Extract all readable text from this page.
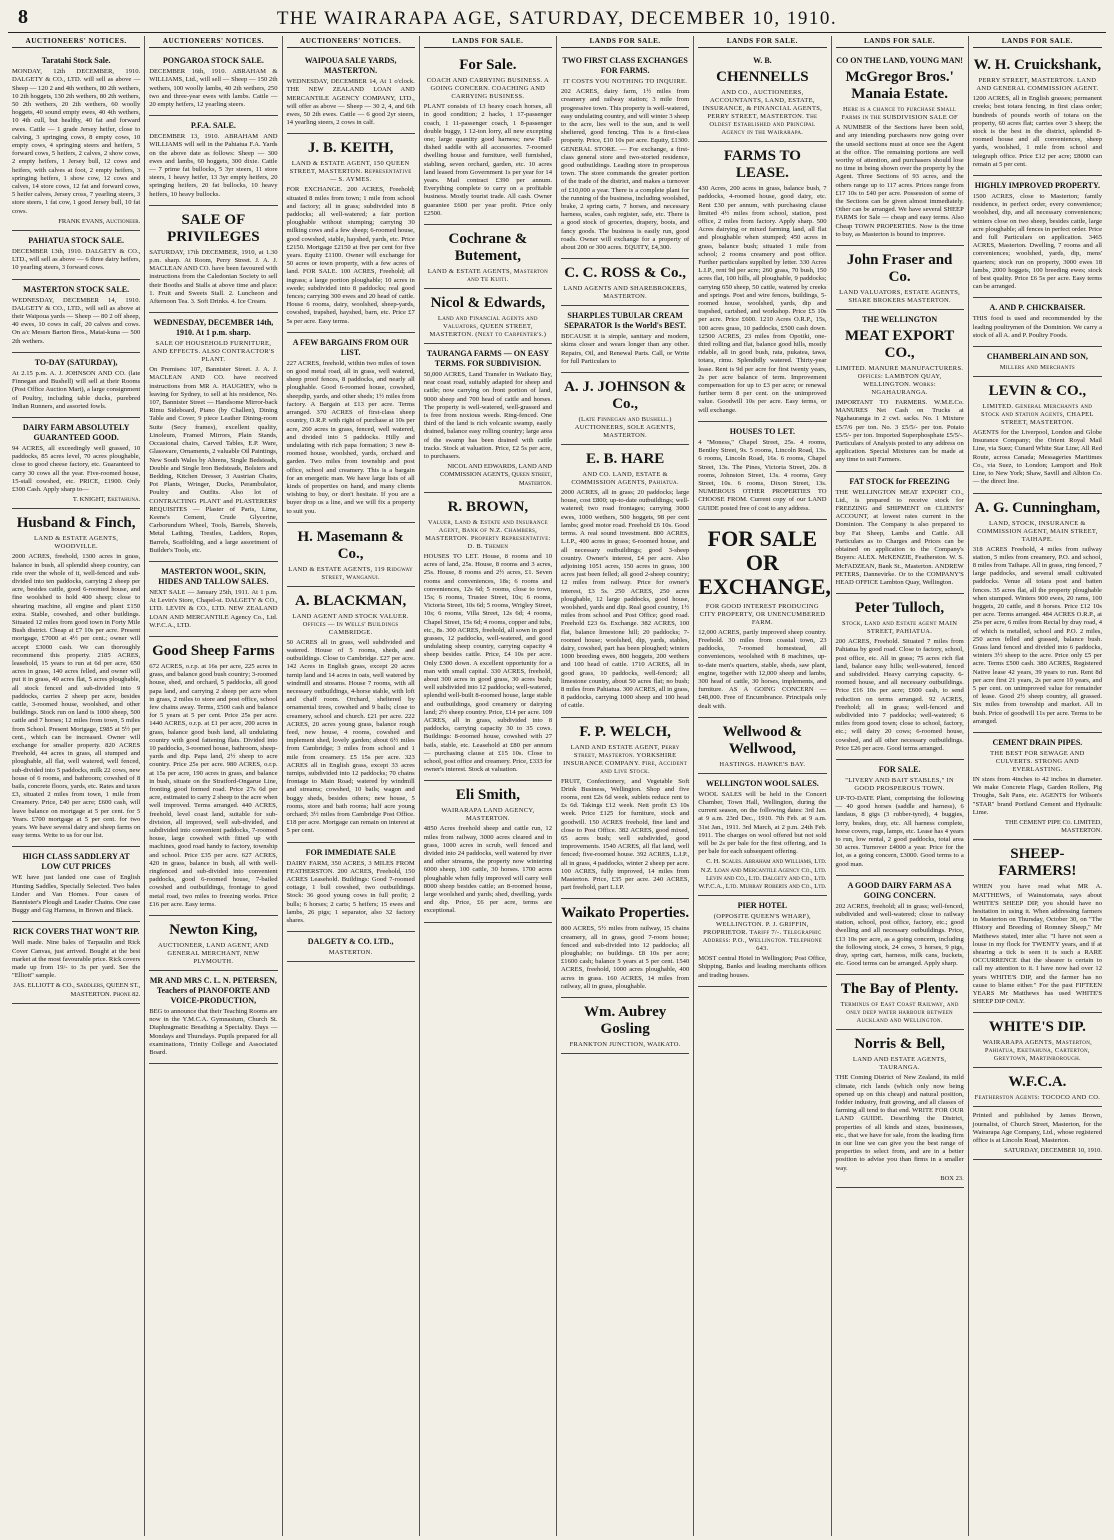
8	THE WAIRARAPA AGE, SATURDAY, DECEMBER 10, 1910.
AUCTIONEERS' NOTICES.
Taratahi Stock Sale.
MONDAY, 12th DECEMBER, 1910. DALGETY & CO., LTD. will sell as above — Sheep — 120 2 and 4th wethers, 80 2th wethers, 10 2th hoggets, 130 2th wethers, 80 2th wethers, 50 2th wethers, 20 2th wethers, 60 woolly hoggets, 40 sound empty ewes, 40 4th wethers, 10 4th cull, but healthy, 40 fat and forward ewes. Cattle — 1 grade Jersey heifer, close to calving, 3 springing cows, 8 empty cows, 10 empty cows, 4 springing steers and heifers, 5 forward cows, 5 heifers, 2 calves, 2 show cows, 2 empty heifers, 1 Jersey bull, 12 cows and heifers, with calves at foot, 2 empty heifers, 3 springing heifers, 1 show cow, 12 cows and calves, 14 store cows, 12 fat and forward cows, 5 heifer calves, Jersey cross, 7 yearling steers, 3 store steers, 1 fat cow, 1 good Jersey bull, 10 fat cows.
FRANK EVANS, Auctioneer.
PAHIATUA STOCK SALE.
DECEMBER 13th, 1910. DALGETY & CO., LTD., will sell as above — 6 three dairy heifers, 10 yearling steers, 3 forward cows.
MASTERTON STOCK SALE.
WEDNESDAY, DECEMBER 14, 1910. DALGETY & CO., LTD., will sell as above at their Waipoua yards — Sheep — 80 2 off sheep, 40 ewes, 10 cows in calf, 20 calves and cows. On a/c Messrs Barton Bros., Matai-kuna — 500 2th wethers.
TO-DAY (SATURDAY),
At 2.15 p.m. A. J. JOHNSON AND CO. (late Finnegan and Bushell) will sell at their Rooms (Post Office Auction Mart), a large consignment of Poultry, including table ducks, purebred Indian Runners, and assorted fowls.
DAIRY FARM ABSOLUTELY GUARANTEED GOOD.
94 ACRES, all exceedingly well grassed, 10 paddocks, 85 acres level, 70 acres ploughable, close to good cheese factory, etc. Guaranteed to carry 30 cows all the year. Five-roomed house, 15-stall cowshed, etc. PRICE, £1900. Only £300 Cash. Apply sharp to—
T. KNIGHT, Eketahuna.
Husband & Finch,
LAND & ESTATE AGENTS, WOODVILLE.
2000 ACRES, freehold, 1300 acres in grass, balance in bush, all splendid sheep country, can ride over the whole of it, well-fenced and sub-divided into ten paddocks, carrying 2 sheep per acre, besides cattle, good 6-roomed house, and fine woolshed to hold 400 sheep; close to shearing machine, all engine and plant £150 extra. Stable, cowshed, and other buildings. Situated 12 miles from good town in Forty Mile Bush district. Cheap at £7 10s per acre. Present mortgage, £7000 at 4½ per cent.; owner will accept £3000 cash. We can thoroughly recommend this property. 2185 ACRES, leasehold, 15 years to run at 6d per acre, 650 acres in grass, 140 acres felled, and owner will put it in grass, 40 acres flat, 5 acres ploughable, all stock fenced and sub-divided into 9 paddocks, carries 2 sheep per acre, besides cattle, 3-roomed house, woolshed, and other buildings. Stock run on land is 1000 sheep, 500 cattle and 7 horses; 12 miles from town, 5 miles from School. Present Mortgage, £985 at 5½ per cent., which can be increased. Owner will exchange for smaller property. 820 ACRES Freehold, 44 acres in grass, all stumped and ploughable, all flat, well watered, well fenced, sub-divided into 5 paddocks, milk 22 cows, new house of 6 rooms, and bathroom; cowshed of 8 bails, concrete floors, yards, etc. Rates and taxes £3, situated 2 miles from town, 1 mile from Creamery. Price, £40 per acre; £600 cash, will leave balance on mortgage at 5 per cent. for 5 Years. £700 mortgage at 5 per cent. for two years. We have several dairy and sheep farms on easy terms. Write to us for our list.
HIGH CLASS SADDLERY AT LOW CUT PRICES
WE have just landed one case of English Hunting Saddles, Specially Selected. Two bales Linder and Van Homes. Four cases of Bannister's Plough and Leader Chains. One case Buggy and Gig Harness, in Brown and Black.
RICK COVERS THAT WON'T RIP.
Well made. Nine bales of Tarpaulin and Rick Cover Canvas, just arrived. Bought at the best market at the most favourable price. Rick covers made up from 19/- to 3s per yard. See the "Elliott" sample.
JAS. ELLIOTT & CO., Saddlers, QUEEN ST., MASTERTON. Phone 82.
AUCTIONEERS' NOTICES.
PONGAROA STOCK SALE.
DECEMBER 16th, 1910. ABRAHAM & WILLIAMS, Ltd., will sell — Sheep — 150 2th wethers, 100 woolly lambs, 40 2th wethers, 250 two and three-year ewes with lambs. Cattle — 20 empty heifers, 12 yearling steers.
P.F.A. SALE.
DECEMBER 13, 1910. ABRAHAM AND WILLIAMS will sell in the Pahiatua F.A. Yards on the above date as follows: Sheep — 300 ewes and lambs, 60 hoggets, 300 dixie. Cattle — 7 prime fat bullocks, 5 3yr steers, 11 store steers, 1 heavy heifer, 13 3yr empty heifers, 20 springing heifers, 20 fat bullocks, 10 heavy heifers, 10 heavy bullocks.
SALE OF PRIVILEGES
SATURDAY, 17th DECEMBER, 1910, at 1.30 p.m. sharp. At Room, Perry Street. J. A. J. MACLEAN AND CO. have been favoured with instructions from the Caledonian Society to sell their Booths and Stalls at above time and place: 1. Fruit and Sweets Stall. 2. Luncheon and Afternoon Tea. 3. Soft Drinks. 4. Ice Cream.
WEDNESDAY, DECEMBER 14th, 1910. At 1 p.m. sharp.
SALE OF HOUSEHOLD FURNITURE, AND EFFECTS. ALSO CONTRACTOR'S PLANT.
On Premises: 107, Bannister Street. J. A. J. MACLEAN AND CO. have received instructions from MR A. HAUGHEY, who is leaving for Sydney, to sell at his residence, No. 107, Bannister Street — Handsome Mirror-back Rimu Sideboard, Piano (by Challen), Dining Table and Cover, 9 piece Leather Dining-room Suite (Secy frames), excellent quality, Linoleum, Framed Mirrors, Plain Stands, Occasional chairs, Carved Tables, E.P. Ware, Glassware, Ornaments, 2 valuable Oil Paintings, New South Wales by Ahrens, Single Bedsteads, Double and Single Iron Bedsteads, Bolsters and Bedding, Kitchen Dresser, 3 Austrian Chairs, Pot Plants, Wringer, Ducks, Perambulator, Poultry and Outfits. Also lot of CONTRACTING PLANT and PLASTERERS' REQUISITES — Plaster of Paris, Lime, Keene's Cement, Crude Glycerine, Carborundum Wheel, Tools, Barrels, Shovels, Metal Lathing, Trestles, Ladders, Ropes, Barrels, Scaffolding, and a large assortment of Builder's Tools, etc.
MASTERTON WOOL, SKIN, HIDES AND TALLOW SALES.
NEXT SALE — January 25th, 1911. At 1 p.m. At Levin's Store, Chapel-st. DALGETY & CO., LTD. LEVIN & CO., LTD. NEW ZEALAND LOAN AND MERCANTILE Agency Co., Ltd. W.F.C.A., LTD.
Good Sheep Farms
672 ACRES, o.r.p. at 16s per acre, 225 acres in grass, and balance good bush country; 3-roomed house, shed, and orchard, 5 paddocks, all good papa land, and carrying 2 sheep per acre when in grass, 2 miles to store and post office, school few chains away. Terms, £500 cash and balance for 5 years at 5 per cent. Price 25s per acre. 1440 ACRES, o.r.p. at £1 per acre, 200 acres in grass, balance good bush land, all undulating country with good fattening flats. Divided into 10 paddocks, 3-roomed house, bathroom, sheep-yards and dip. Papa land, 2½ sheep to acre country. Price 25s per acre. 980 ACRES, o.r.p. at 15s per acre, 190 acres in grass, and balance in bush, situate on the Stratford-Ongarue Line, fronting good formed road. Price 27s 6d per acre, estimated to carry 2 sheep to the acre when well improved. Terms arranged. 440 ACRES, freehold, level coast land, suitable for sub-division, all improved, well sub-divided, and subdivided into convenient paddocks, 7-roomed house, large cowshed with fitted up with machines, good road handy to factory, township and school. Price £35 per acre. 627 ACRES, 420 in grass, balance in bush, all with well-ringfenced and sub-divided into convenient paddocks, good 6-roomed house, 7-bailed cowshed and outbuildings, frontage to good metal road, two miles to freezing works. Price £16 per acre. Easy terms.
Newton King,
AUCTIONEER, LAND AGENT, AND GENERAL MERCHANT, NEW PLYMOUTH.
MR AND MRS C. L. N. PETERSEN, Teachers of PIANOFORTE AND VOICE-PRODUCTION,
BEG to announce that their Teaching Rooms are now in the Y.M.C.A. Gymnasium, Church St. Diaphragmatic Breathing a Speciality. Days — Mondays and Thursdays. Pupils prepared for all examinations, Trinity College and Associated Board.
AUCTIONEERS' NOTICES.
WAIPOUA SALE YARDS, MASTERTON.
WEDNESDAY, DECEMBER 14, At 1 o'clock. THE NEW ZEALAND LOAN AND MERCANTILE AGENCY COMPANY, LTD., will offer as above — Sheep — 30 2, 4, and 6th ewes, 50 2th ewes. Cattle — 6 good 2yr steers, 14 yearling steers, 2 cows in calf.
J. B. KEITH,
LAND & ESTATE AGENT, 150 QUEEN STREET, MASTERTON. Representative — S. AYMES.
FOR EXCHANGE. 200 ACRES, Freehold; situated 8 miles from town; 1 mile from school and factory; all in grass; subdivided into 8 paddocks; all well-watered; a fair portion ploughable without stumping; carrying 30 milking cows and a few sheep; 6-roomed house, good cowshed, stable, hayshed, yards, etc. Price £2150. Mortgage £2150 at five per cent for five years. Equity £1100. Owner will exchange for 50 acres or town property, with a few acres of land. FOR SALE. 100 ACRES, Freehold; all ingrass; a large portion ploughable; 10 acres in swede; subdivided into 8 paddocks; real good fences; carrying 300 ewes and 20 head of cattle. House 6 rooms, dairy, woolshed, sheep-yards, cowshed, trapshed, hayshed, barn, etc. Price £7 5s per acre. Easy terms.
A FEW BARGAINS FROM OUR LIST.
227 ACRES, freehold, within two miles of town on good metal road, all in grass, well watered, sheep proof fences, 8 paddocks, and nearly all ploughable. Good 6-roomed house, cowshed, sheepdip, yards, and other sheds; 1½ miles from factory. A Bargain at £13 per acre. Terms arranged. 370 ACRES of first-class sheep country, O.R.P. with right of purchase at 10s per acre, 260 acres in grass, fenced, well watered, and divided into 5 paddocks. Hilly and undulating with rich papa formation; 3 new 8-roomed house, woolshed, yards, orchard and garden. Two miles from township and post office, school and creamery. This is a bargain for an energetic man. We have large lists of all kinds of properties on hand, and many clients wishing to buy, or don't hesitate. If you are a buyer drop us a line, and we will fix a property to suit you.
H. Masemann & Co.,
LAND & ESTATE AGENTS, 119 Ridgway Street, Wanganui.
A. BLACKMAN,
LAND AGENT AND STOCK VALUER. Offices — In Wells' Buildings CAMBRIDGE.
50 ACRES all in grass, well subdivided and watered. House of 5 rooms, sheds, and outbuildings. Close to Cambridge. £27 per acre. 142 Acres in English grass, except 20 acres turnip land and 14 acres in oats, well watered by windmill and streams. House 7 rooms, with all necessary outbuildings, 4-horse stable, with loft and chaff room. Orchard, sheltered by ornamental trees, cowshed and 9 bails; close to creamery, school and church. £21 per acre. 222 ACRES, 20 acres young grass, balance rough feed, new house, 4 rooms, cowshed and implement shed, lovely garden; about 6½ miles from Cambridge; 3 miles from school and 1 mile from creamery. £5 15s per acre. 323 ACRES all in English grass, except 33 acres turnips, subdivided into 12 paddocks; 70 chains frontage to Main Road; watered by windmill and streams; cowshed, 10 bails; wagon and buggy sheds, besides others; new house, 5 rooms, store and bath rooms; half acre young orchard; 3½ miles from Cambridge Post Office. £18 per acre. Mortgage can remain on interest at 5 per cent.
FOR IMMEDIATE SALE
DAIRY FARM, 350 ACRES, 3 MILES FROM FEATHERSTON. 200 ACRES, Freehold, 150 ACRES Leasehold. Buildings: Good 7-roomed cottage, 1 bull cowshed, two outbuildings. Stock: 36 good young cows in full profit; 2 bulls; 6 horses; 2 carts; 5 heifers; 15 ewes and lambs, 26 pigs; 1 separator, also 32 factory shares.
DALGETY & CO. LTD.,
MASTERTON.
LANDS FOR SALE.
For Sale.
COACH AND CARRYING BUSINESS. A GOING CONCERN. COACHING AND CARRYING BUSINESS.
PLANT consists of 13 heavy coach horses, all in good condition; 2 hacks, 1 17-passenger coach, 1 11-passenger coach, 1 8-passenger double buggy, 1 12-ton lorry, all new excepting one; large quantity good harness; new Hall-dished saddle with all accessories. 7-roomed dwelling house and furniture, well furnished, stabling, seven orchard, garden, etc. 10 acres land leased from Government 1s per year for 14 years. Mail contract £390 per annum. Everything complete to carry on a profitable business. Mostly tourist trade. All cash. Owner guarantee £600 per year profit. Price only £2500.
Cochrane & Butement,
LAND & ESTATE AGENTS, Masterton and Te Kuiti.
Nicol & Edwards,
Land and Financial Agents and Valuators, QUEEN STREET, MASTERTON. (Next to Carpenter's.)
TAURANGA FARMS — ON EASY TERMS. FOR SUBDIVISION.
50,000 ACRES, Land Transfer in Waikato Bay, near coast road, suitably adapted for sheep and cattle; now carrying on front portion of land, 9000 sheep and 700 head of cattle and horses. The property is well-watered, well-grassed and is free from noxious weeds. Ring-fenced. One third of the land is rich volcanic swamp, easily drained, balance easy rolling country; large area of the swamp has been drained with cattle tracks. Stock at valuation. Price, £2 5s per acre, to purchasers.
NICOL AND EDWARDS, LAND AND COMMISSION AGENTS, Queen Street, Masterton.
R. BROWN,
Valuer, Land & Estate and Insurance Agent, Bank of N.Z. Chambers, MASTERTON. Property Representative: D. B. Themen
HOUSES TO LET. House, 8 rooms and 10 acres of land, 25s. House, 8 rooms and 3 acres, 25s. House, 8 rooms and 2½ acres, £1. Seven rooms and conveniences, 18s; 6 rooms and conveniences, 12s 6d; 5 rooms, close to town, 15s; 6 rooms, Trustee Street, 10s; 6 rooms, Victoria Street, 10s 6d; 5 rooms, Wrigley Street, 10s; 6 rooms, Villa Street, 12s 6d; 4 rooms, Chapel Street, 15s 6d; 4 rooms, copper and tubs, etc., 8s. 300 ACRES, freehold, all sown in good grasses, 12 paddocks, well-watered, and good undulating sheep country, carrying capacity 4 sheep besides cattle. Price, £4 10s per acre. Only £300 down. A excellent opportunity for a man with small capital. 330 ACRES, freehold, about 300 acres in good grass, 30 acres bush; well subdivided into 12 paddocks; well-watered, splendid well-built 8-roomed house, large stable and outbuildings, good creamery or dairying land; 2½ sheep country. Price, £14 per acre. 109 ACRES, all in grass, subdivided into 8 paddocks, carrying capacity 30 to 35 cows. Buildings: 8-roomed house, cowshed with 27 bails, stable, etc. Leasehold at £80 per annum — purchasing clause at £15 10s. Close to school, post office and creamery. Price, £333 for owner's interest. Stock at valuation.
Eli Smith,
WAIRARAPA LAND AGENCY, MASTERTON.
4850 Acres freehold sheep and cattle run, 12 miles from railway, 3000 acres cleared and in grass, 1000 acres in scrub, well fenced and divided into 24 paddocks, well watered by river and other streams, the property now wintering 6000 sheep, 100 cattle, 30 horses. 1700 acres ploughable when fully improved will carry well 8000 sheep besides cattle; an 8-roomed house, large woolshed and yards; shed, dwelling, yards and dip. Price, £6 per acre, terms are exceptional.
LANDS FOR SALE.
TWO FIRST CLASS EXCHANGES FOR FARMS.
IT COSTS YOU NOTHING TO INQUIRE.
202 ACRES, dairy farm, 1½ miles from creamery and railway station; 3 mile from progressive town. This property is well-watered, easy undulating country, and will winter 3 sheep to the acre, lies well to the sun, and is well sheltered, good fencing. This is a first-class property. Price, £10 10s per acre. Equity, £1300. GENERAL STORE. — For exchange, a first-class general store and two-storied residence, good outbuildings. Leading store in prosperous town. The store commands the greater portion of the trade of the district, and makes a turnover of £10,000 a year. There is a complete plant for the running of the business, including woolshed, brake, 2 spring carts, 7 horses, and necessary harness, scales, cash register, safe, etc. There is a good stock of groceries, drapery, boots, and fancy goods. The business is easily run, good roads. Owner will exchange for a property of about 200 or 300 acres. EQUITY, £4,300.
C. C. ROSS & Co.,
LAND AGENTS AND SHAREBROKERS, MASTERTON.
SHARPLES TUBULAR CREAM SEPARATOR Is the World's BEST.
BECAUSE it is simple, sanitary and modern, skims closer and wears longer than any other. Repairs, Oil, and Renewal Parts. Call, or Write for full Particulars to
A. J. JOHNSON & Co.,
(Late Finnegan and Bushell.) AUCTIONEERS, SOLE AGENTS, MASTERTON.
E. B. HARE
AND CO. LAND, ESTATE & COMMISSION AGENTS, Pahiatua.
2000 ACRES, all in grass; 20 paddocks; large house, cost £800; up-to-date outbuildings; well-watered; two road frontages; carrying 3000 ewes, 1000 wethers, 500 hoggets, 98 per cent lambs; good motor road. Freehold £6 10s. Good terms. A real sound investment. 800 ACRES, L.I.P., 400 acres in grass; 6-roomed house, and all necessary outbuildings; good 3-sheep country. Owner's interest, £4 per acre. Also adjoining 1051 acres, 150 acres in grass, 100 acres just been felled; all good 2-sheep country; 12 miles from railway. Price for owner's interest, £3 5s. 250 ACRES, 250 acres ploughable, 12 large paddocks, good house, woolshed, yards and dip. Real good country, 1½ miles from school and Post Office; good road. Freehold £23 6s. Exchange. 382 ACRES, 100 flat, balance limestone hill; 20 paddocks; 7-roomed house; woolshed, dip, yards, stables, dairy, cowshed, part has been ploughed; winters 1000 breeding ewes, 800 hoggets, 200 wethers and 100 head of cattle. 1710 ACRES, all in good grass, 10 paddocks, well-fenced; all limestone country, about 50 acres flat; no bush; 8 miles from Pahiatua. 300 ACRES, all in grass, 8 paddocks, carrying 1000 sheep and 100 head of cattle.
F. P. WELCH,
LAND AND ESTATE AGENT, Perry Street, Masterton. YORKSHIRE INSURANCE COMPANY. Fire, Accident and Live Stock.
FRUIT, Confectionery, and Vegetable Soft Drink Business, Wellington. Shop and five rooms, rent £2s 6d week, sublets reduce rent to £s 6d. Takings £12 week. Nett profit £3 10s week. Price £125 for furniture, stock and goodwill. 150 ACRES freehold, fine land and close to Post Office. 382 ACRES, good mixed, 65 acres bush; well subdivided, good improvements. 1540 ACRES, all flat land, well fenced; five-roomed house. 392 ACRES, L.I.P., all in grass, 4 paddocks, winter 2 sheep per acre. 100 ACRES, fully improved, 14 miles from Masterton. Price, £35 per acre. 240 ACRES, part freehold, part L.I.P.
Waikato Properties.
800 ACRES, 5½ miles from railway, 15 chains creamery, all in grass, good 7-room house; fenced and sub-divided into 12 paddocks; all ploughable; no buildings. £8 10s per acre; £1600 cash; balance 5 years at 5 per cent. 1540 ACRES, freehold, 1000 acres ploughable, 400 acres in grass. 160 ACRES, 14 miles from railway, all in grass, ploughable.
Wm. Aubrey Gosling
FRANKTON JUNCTION, WAIKATO.
LANDS FOR SALE.
W. B.
CHENNELLS
AND CO., AUCTIONEERS, ACCOUNTANTS, LAND, ESTATE, INSURANCE, & FINANCIAL AGENTS, PERRY STREET, MASTERTON. The Oldest Established and Principal Agency in the Wairarapa.
FARMS TO LEASE.
430 Acres, 200 acres in grass, balance bush, 7 paddocks, 4-roomed house, good dairy, etc. Rent £30 per annum, with purchasing clause limited 4½ miles from school, station, post office, 2 miles from factory. Apply sharp. 500 Acres dairying or mixed farming land, all flat and ploughable when stumped; 450 acres in grass, balance bush; situated 1 mile from school; 2 rooms creamery and post office. Further particulars supplied by letter. 330 Acres L.I.P., rent 9d per acre; 260 grass, 70 bush, 150 acres flat, 100 hills, all ploughable, 9 paddocks; carrying 650 sheep, 50 cattle, watered by creeks and springs. Post and wire fences, buildings, 5-roomed house, woolshed, yards, dip and trapshed, cartshed, and workshop. Price £5 10s per acre. Price £600. 1210 Acres O.R.P., 15s, 100 acres grass, 10 paddocks, £500 cash down. 12500 ACRES, 23 miles from Opotiki, one-third rolling and flat, balance good hills, mostly ridable, all in good bush, rata, pukatea, tawa, totara, rimu. Splendidly watered. Thirty-year lease. Rent is 9d per acre for first twenty years, 2s per acre balance of term. Improvement compensation for up to £3 per acre; or renewal further term 8 per cent. on the unimproved value. Goodwill 10s per acre. Easy terms, or will exchange.
HOUSES TO LET.
4 "Moness," Chapel Street, 25s. 4 rooms, Bentley Street, 9s. 5 rooms, Lincoln Road, 13s. 6 rooms, Lincoln Road, 16s. 6 rooms, Chapel Street, 13s. The Pines, Victoria Street, 20s. 8 rooms, Johnston Street, 13s. 4 rooms, Grey Street, 10s. 6 rooms, Dixon Street, 13s. NUMEROUS OTHER PROPERTIES TO CHOOSE FROM. Current copy of our LAND GUIDE posted free of cost to any address.
FOR SALE OR EXCHANGE,
FOR GOOD INTEREST PRODUCING CITY PROPERTY, OR UNENCUMBERED FARM.
12,000 ACRES, partly improved sheep country. Freehold. 30 miles from coastal town, 23 paddocks, 7-roomed homestead, all conveniences, woolshed with 8 machines, up-to-date men's quarters, stable, sheds, saw plant, engine, together with 12,000 sheep and lambs, 300 head of cattle, 30 horses, implements, and furniture. AS A GOING CONCERN — £48,000. Free of Encumbrance. Principals only dealt with.
Wellwood & Wellwood,
HASTINGS. HAWKE'S BAY.
WELLINGTON WOOL SALES.
WOOL SALES will be held in the Concert Chamber, Town Hall, Wellington, during the current season, on the following dates: 3rd Jan. at 9 a.m. 23rd Dec., 1910. 7th Feb. at 9 a.m. 31st Jan., 1911. 3rd March, at 2 p.m. 24th Feb. 1911. The charges on wool offered but not sold will be 2s per bale for the first offering, and 1s per bale for each subsequent offering.
C. H. Scales. Abraham and Williams, Ltd. N.Z. Loan and Mercantile Agency Co., Ltd. Levin and Co., Ltd. Dalgety and Co., Ltd. W.F.C.A., Ltd. Murray Roberts and Co., Ltd.
PIER HOTEL
(OPPOSITE QUEEN'S WHARF), WELLINGTON. P. J. GRIFFIN, PROPRIETOR. Tariff 7/-. Telegraphic Address: P.O., Wellington. Telephone 643.
MOST central Hotel in Wellington; Post Office, Shipping, Banks and leading merchants offices and trading houses.
LANDS FOR SALE.
CO ON THE LAND, YOUNG MAN!
McGregor Bros.' Manaia Estate.
Here is a chance to purchase Small Farms in the SUBDIVISION SALE OF
A NUMBER of the Sections have been sold, and any intending purchasers now going over the unsold sections must at once see the Agent at the office. The remaining portions are well worthy of attention, and purchasers should lose no time in being shown over the property by the Agent. Three Sections of 93 acres, and the others range up to 117 acres. Prices range from £17 10s to £40 per acre. Possession of some of the Sections can be given almost immediately. Other can be arranged. We have several SHEEP FARMS for Sale — cheap and easy terms. Also Cheap TOWN PROPERTIES. Now is the time to buy, as Masterton is bound to improve.
John Fraser and Co.
LAND VALUATORS, ESTATE AGENTS, SHARE BROKERS MASTERTON.
THE WELLINGTON
MEAT EXPORT CO.,
LIMITED. MANURE MANUFACTURERS. Offices: LAMBTON QUAY, WELLINGTON. Works: NGAHAURANGA.
IMPORTANT TO FARMERS. W.M.E.Co. MANURES Net Cash on Trucks at Ngahauranga in 2 cwt. sacks. No. 1 Mixture £5/7/6 per ton. No. 3 £5/5/- per ton. Potato £5/5/- per ton. Imported Superphosphate £5/5/-. Particulars of Analysis posted to any address on application. Special Mixtures can be made at any time to suit Farmers.
FAT STOCK for FREEZING
THE WELLINGTON MEAT EXPORT CO., Ltd., is prepared to receive stock for FREEZING and SHIPMENT on CLIENTS' ACCOUNT, at lowest rates current in the Dominion. The Company is also prepared to buy Fat Sheep, Lambs and Cattle. All Particulars as to Charges and Prices can be obtained on application to the Company's Buyers: ALEX. McKENZIE, Featherston. W. S. McFADZEAN, Bank St., Masterton. ANDREW PETERS, Dannevirke. Or to the COMPANY'S HEAD OFFICE Lambton Quay, Wellington.
Peter Tulloch,
Stock, Land and Estate agent MAIN STREET, PAHIATUA.
200 ACRES, Freehold. Situated 7 miles from Pahiatua by good road. Close to factory, school, post office, etc. All in grass; 75 acres rich flat land, balance easy hills; well-watered, fenced and subdivided. Heavy carrying capacity. 6-roomed house, and all necessary outbuildings. Price £16 10s per acre; £600 cash, to send reduction on terms arranged. 92 ACRES, Freehold; all in grass; well-fenced and subdivided into 7 paddocks; well-watered; 6 miles from good town; close to school, factory, etc.; will dairy 20 cows; 6-roomed house, cowshed, and all other necessary outbuildings. Price £26 per acre. Good terms arranged.
FOR SALE.
"LIVERY AND BAIT STABLES," IN GOOD PROSPEROUS TOWN.
UP-TO-DATE Plant, comprising the following — 40 good horses (saddle and harness), 6 landaus, 8 gigs (3 rubber-tyred), 4 buggies, lorry, brakes, dray, etc. All harness complete, horse covers, rugs, lamps, etc. Lease has 4 years to run, low rental, 2 good paddocks, total area 30 acres. Turnover £4000 a year. Price for the lot, as a going concern, £3000. Good terms to a good man.
A GOOD DAIRY FARM AS A GOING CONCERN.
202 ACRES, freehold; all in grass; well-fenced, subdivided and well-watered; close to railway station, school, post office, factory, etc.; good dwelling and all necessary outbuildings. Price, £13 10s per acre, as a going concern, including the following stock, 24 cows, 3 horses, 9 pigs, dray, spring cart, harness, milk cans, buckets, etc. Good terms can be arranged. Apply sharp.
The Bay of Plenty.
Terminus of East Coast Railway, and only deep water harbour between Auckland and Wellington.
Norris & Bell,
LAND AND ESTATE AGENTS, TAURANGA.
THE Coming District of New Zealand, its mild climate, rich lands (which only now being opened up on this cheap) and natural position, fodder industry, fruit growing, and all classes of farming all tend to that end. WRITE FOR OUR LAND GUIDE. Describing the District, properties of all kinds and sizes, businesses, etc., that we have for sale, from the leading firm in our line we can give you the best range of properties to select from, and are in a better position to advise you than firms in a smaller way.
BOX 23.
LANDS FOR SALE.
W. H. Cruickshank,
PERRY STREET, MASTERTON. LAND AND GENERAL COMMISSION AGENT.
1200 ACRES, all in English grasses; permanent creeks; best totara fencing, in first class order; hundreds of pounds worth of totara on the property, 60 acres flat; carries over 3 sheep; the stock is the best in the district, splendid 8-roomed house and all conveniences, sheep yards, woolshed, 1 mile from school and telegraph office. Price £12 per acre; £8000 can remain at 5 per cent.
HIGHLY IMPROVED PROPERTY.
1500 ACRES, close to Masterton; family residence, in perfect order, every convenience; woolshed, dip, and all necessary conveniences; winters close on two sheep, besides cattle, large acre ploughable; all fences in perfect order. Price and full Particulars on application. 3465 ACRES, Masterton. Dwelling, 7 rooms and all conveniences; woolshed, yards, dip, mens' quarters; stock run on property, 3000 ewes 18 lambs, 2000 hoggets, 100 breeding ewes; stock of best quality. Price £6 5s per acre. Easy terms can be arranged.
A. AND P. CHICKBAISER.
THIS food is used and recommended by the leading poultrymen of the Dominion. We carry a stock of all A. and P. Poultry Foods.
CHAMBERLAIN AND SON,
Millers and Merchants
LEVIN & CO.,
LIMITED. General Merchants and Stock and Station Agents, CHAPEL STREET, MASTERTON.
AGENTS for the Liverpool, London and Globe Insurance Company; the Orient Royal Mail Line, via Suez; Cunard White Star Line; All Red Route, across Canada; Messageries Maritimes Co., via Suez, to London; Lamport and Holt Line, to New York; Shaw, Savill and Albion Co. — the direct line.
A. G. Cunningham,
LAND, STOCK, INSURANCE & COMMISSION AGENT, MAIN STREET, TAIHAPE.
318 ACRES Freehold, 4 miles from railway station, 5 miles from creamery, P.O. and school, 8 miles from Taihape. All in grass, ring fenced, 7 large paddocks, and several small cultivated paddocks. Venue all totara post and batten fences. 35 acres flat, all the property ploughable when stumped. Winters 900 ewes, 20 rams, 100 hoggets, 20 cattle, and 8 horses. Price £12 10s per acre. Terms arranged. 484 ACRES O.R.P., at 25s per acre, 6 miles from Rectal by dray road, 4 of which is metalled, school and P.O. 2 miles, 250 acres felled and grassed, balance bush. Grass land fenced and divided into 6 paddocks, winters 3½ sheep to the acre. Price only £5 per acre. Terms £500 cash. 380 ACRES, Registered Native lease 42 years, 39 years to run. Rent 8d per acre first 21 years, 2s per acre 10 years, and 5 per cent. on unimproved value for remainder of lease. Good 2½ sheep country, all grassed. Six miles from township and market. All in bush. Price of goodwill 11s per acre. Terms to be arranged.
CEMENT DRAIN PIPES.
THE BEST FOR SEWAGE AND CULVERTS. STRONG AND EVERLASTING.
IN sizes from 4inches to 42 inches in diameter. We make Concrete Flags, Garden Rollers, Pig Troughs, Salt Pans, etc. AGENTS for Wilson's "STAR" brand Portland Cement and Hydraulic Lime.
THE CEMENT PIPE Co. LIMITED, MASTERTON.
SHEEP-FARMERS!
WHEN you have read what MR A. MATTHEWS, of Wainuiomata, says about WHITE'S SHEEP DIP, you should have no hesitation in using it. When addressing farmers in Masterton on Thursday, October 30, on "The History and Breeding of Romney Sheep," Mr Matthews stated, inter alia: "I have not seen a louse in my flock for TWENTY years, and if at shearing a tick is seen it is such a RARE OCCURRENCE that the shearer is certain to call my attention to it. I have now had over 12 years WHITE'S DIP, and the farmer has no cause to blame either." For the past FIFTEEN YEARS Mr Matthews has used WHITE'S SHEEP DIP ONLY.
WHITE'S DIP.
WAIRARAPA AGENTS, Masterton, Pahiatua, Eketahuna, Carterton, Greytown, Martinborough.
W.F.C.A.
Featherston Agents: TOCOCO AND CO.
Printed and published by James Brown, journalist, of Church Street, Masterton, for the Wairarapa Age Company, Ltd., whose registered office is at Lincoln Road, Masterton.
SATURDAY, DECEMBER 10, 1910.
